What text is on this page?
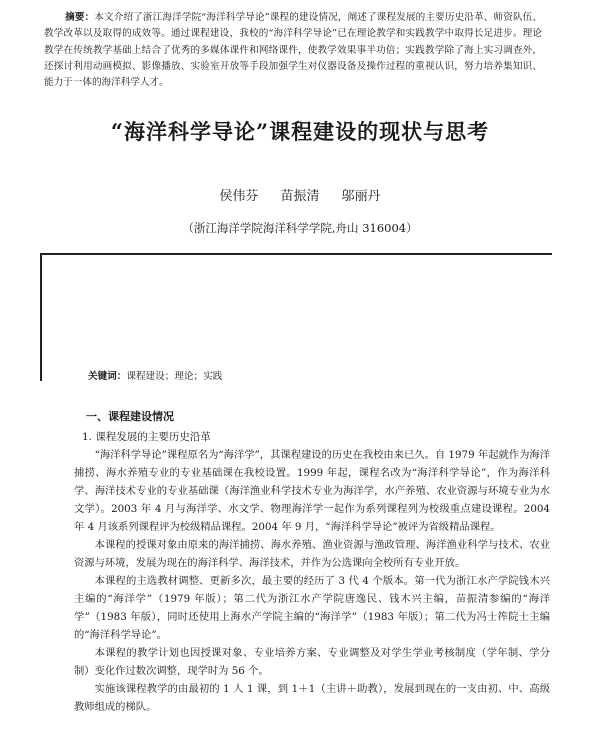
“海洋科学导论”课程建设的现状与思考
侯伟芬 苗振清 邬丽丹
（浙江海洋学院海洋科学学院,舟山 316004）
摘要：本文介绍了浙江海洋学院“海洋科学导论”课程的建设情况，阐述了课程发展的主要历史沿革、师资队伍、教学改革以及取得的成效等。通过课程建设，我校的“海洋科学导论”已在理论教学和实践教学中取得长足进步。理论教学在传统教学基础上结合了优秀的多媒体课件和网络课件，使教学效果事半功倍；实践教学除了海上实习调查外，还探讨利用动画模拟、影像播放、实验室开放等手段加强学生对仪器设备及操作过程的重视认识，努力培养集知识、能力于一体的海洋科学人才。
关键词：课程建设；理论；实践
一、课程建设情况
1. 课程发展的主要历史沿革

“海洋科学导论”课程原名为“海洋学”，其课程建设的历史在我校由来已久。自 1979 年起就作为海洋捕捞、海水养殖专业的专业基础课在我校设置。1999 年起，课程名改为“海洋科学导论”，作为海洋科学、海洋技术专业的专业基础课（海洋渔业科学技术专业为海洋学，水产养殖、农业资源与环境专业为水文学）。2003 年 4 月与海洋学、水文学、物理海洋学一起作为系列课程列为校级重点建设课程。2004 年 4 月该系列课程评为校级精品课程。2004 年 9 月，“海洋科学导论”被评为省级精品课程。

本课程的授课对象由原来的海洋捕捞、海水养殖、渔业资源与渔政管理、海洋渔业科学与技术、农业资源与环境，发展为现在的海洋科学、海洋技术，并作为公选课向全校所有专业开放。

本课程的主选教材调整、更新多次，最主要的经历了 3 代 4 个版本。第一代为浙江水产学院钱木兴主编的“海洋学”（1979 年版）；第二代为浙江水产学院唐逸民、钱木兴主编，苗振清参编的“海洋学”（1983 年版），同时还使用上海水产学院主编的“海洋学”（1983 年版）；第二代为冯士筰院士主编的“海洋科学导论”。

本课程的教学计划也因授课对象、专业培养方案、专业调整及对学生学业考核制度（学年制、学分制）变化作过数次调整，现学时为 56 个。

实施该课程教学的由最初的 1 人 1 课，到 1＋1（主讲＋助教），发展到现在的一支由初、中、高级教师组成的梯队。
